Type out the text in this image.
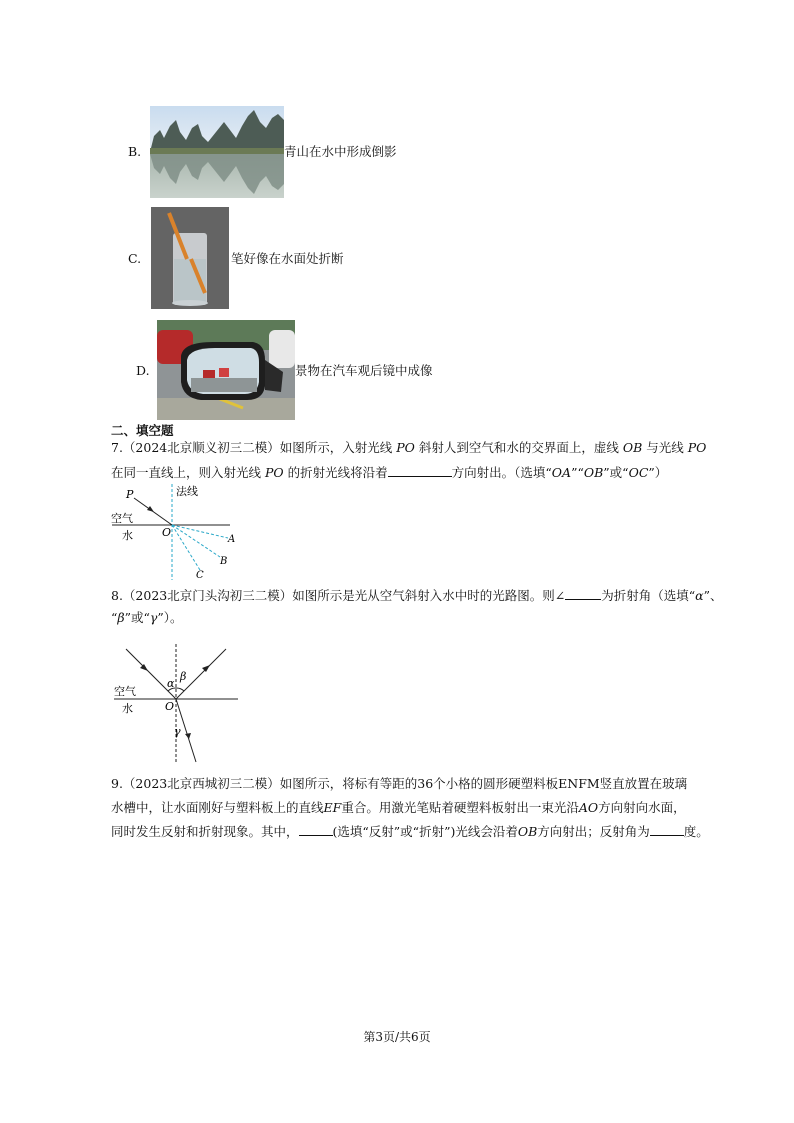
B.	青山在水中形成倒影
C.	笔好像在水面处折断
D.	景物在汽车观后镜中成像
二、填空题
7.（2024北京顺义初三二模）如图所示，入射光线 PO 斜射人到空气和水的交界面上，虚线 OB 与光线 PO
在同一直线上，则入射光线 PO 的折射光线将沿着	方向射出。（选填“OA”“OB”或“OC”）
P	法线
空气
水	O
A
B
C
8.（2023北京门头沟初三二模）如图所示是光从空气斜射入水中时的光路图。则∠	为折射角（选填“α”、
“β”或“γ”）。
α
β
γ
空气
水	O
9.（2023北京西城初三二模）如图所示，将标有等距的36个小格的圆形硬塑料板ENFM竖直放置在玻璃
水槽中，让水面刚好与塑料板上的直线EF重合。用激光笔贴着硬塑料板射出一束光沿AO方向射向水面，
同时发生反射和折射现象。其中，	(选填“反射”或“折射”)光线会沿着OB方向射出；反射角为	度。
第3页/共6页
